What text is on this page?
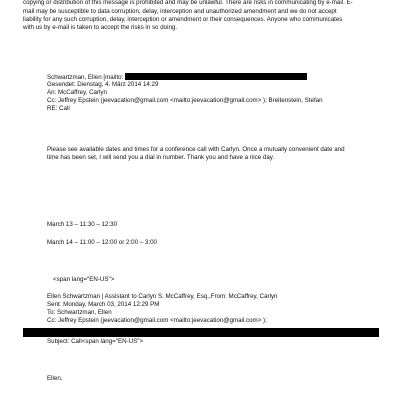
copying or distribution of this message is prohibited and may be unlawful. There are risks in communicating by e-mail. E-

mail may be susceptible to data corruption, delay, interception and unauthorized amendment and we do not accept

liability for any such corruption, delay, interception or amendment or their consequences. Anyone who communicates

with us by e-mail is taken to accept the risks in so doing.

Schwartzman, Ellen [mailto:

Gesendet: Dienstag, 4. März 2014 14:29

An: McCaffrey, Carlyn

Cc: Jeffrey Epstein (jeevacation@gmail.com <mailto:jeevacation@gmail.com> ); Breitenstein, Stefan

RE: Call

Please see available dates and times for a conference call with Carlyn. Once a mutually convenient date and

time has been set, I will send you a dial in number. Thank you and have a nice day.

March 13 – 11:30 – 12:30

March 14 – 11:00 – 12:00 or 2:00 – 3:00

<span lang="EN-US">

Ellen Schwartzman | Assistant to Carlyn S. McCaffrey, Esq.,From: McCaffrey, Carlyn

Sent: Monday, March 03, 2014 12:29 PM

To: Schwartzman, Ellen

Cc: Jeffrey Epstein (jeevacation@gmail.com <mailto:jeevacation@gmail.com> );

Subject: Call<span lang="EN-US">

Ellen,
